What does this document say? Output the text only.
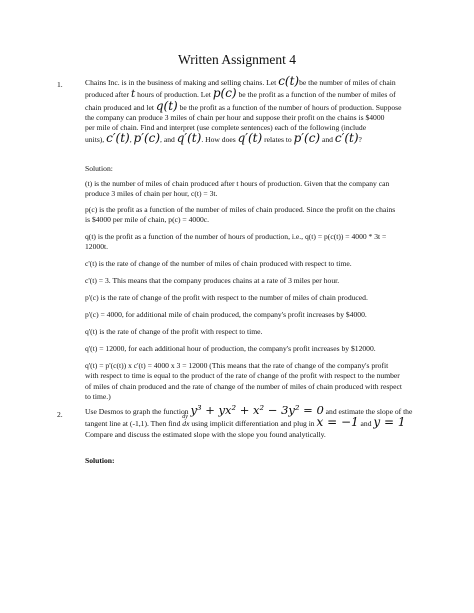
Written Assignment 4
1.	Chains Inc. is in the business of making and selling chains. Let c(t)be the number of miles of chain
produced after t hours of production. Let p(c) be the profit as a function of the number of miles of
chain produced and let q(t) be the profit as a function of the number of hours of production. Suppose
the company can produce 3 miles of chain per hour and suppose their profit on the chains is $4000
per mile of chain. Find and interpret (use complete sentences) each of the following (include
units), c′(t), p′(c), and q′(t). How does q′(t) relates to p′(c) and c′(t)?
Solution:
(t) is the number of miles of chain produced after t hours of production. Given that the company can
produce 3 miles of chain per hour, c(t) = 3t.
p(c) is the profit as a function of the number of miles of chain produced. Since the profit on the chains
is $4000 per mile of chain, p(c) = 4000c.
q(t) is the profit as a function of the number of hours of production, i.e., q(t) = p(c(t)) = 4000 * 3t =
12000t.
c'(t) is the rate of change of the number of miles of chain produced with respect to time.
c'(t) = 3. This means that the company produces chains at a rate of 3 miles per hour.
p'(c) is the rate of change of the profit with respect to the number of miles of chain produced.
p'(c) = 4000, for additional mile of chain produced, the company's profit increases by $4000.
q'(t) is the rate of change of the profit with respect to time.
q'(t) = 12000, for each additional hour of production, the company's profit increases by $12000.
q'(t) = p'(c(t)) x c'(t) = 4000 x 3 = 12000 (This means that the rate of change of the company's profit
with respect to time is equal to the product of the rate of change of the profit with respect to the number
of miles of chain produced and the rate of change of the number of miles of chain produced with respect
to time.)
2.	Use Desmos to graph the function y³ + yx² + x² − 3y² = 0 and estimate the slope of the
tangent line at (-1,1). Then find
dy
dx using implicit differentiation and plug in x = −1 and y = 1
Compare and discuss the estimated slope with the slope you found analytically.
Solution:
